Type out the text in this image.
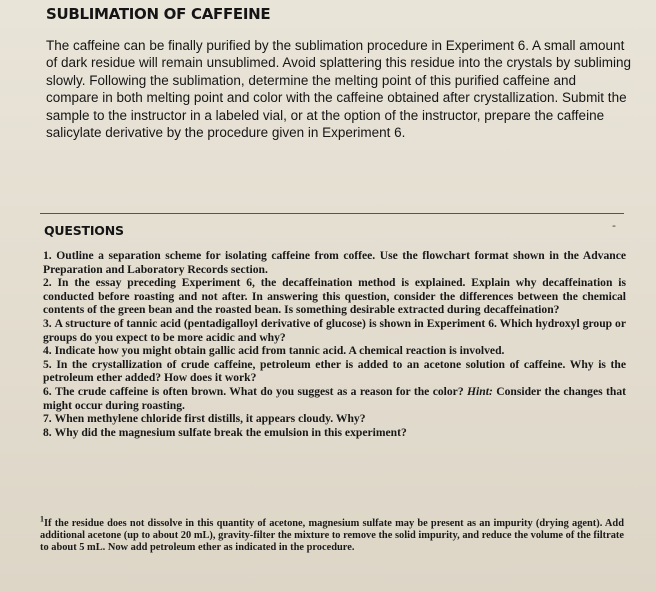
SUBLIMATION OF CAFFEINE

The caffeine can be finally purified by the sublimation procedure in Experiment 6. A small amount of dark residue will remain unsublimed. Avoid splattering this residue into the crystals by subliming slowly. Following the sublimation, determine the melting point of this purified caffeine and compare in both melting point and color with the caffeine obtained after crystallization. Submit the sample to the instructor in a labeled vial, or at the option of the instructor, prepare the caffeine salicylate derivative by the procedure given in Experiment 6.

-
QUESTIONS
1. Outline a separation scheme for isolating caffeine from coffee. Use the flowchart format shown in the Advance Preparation and Laboratory Records section.
2. In the essay preceding Experiment 6, the decaffeination method is explained. Explain why decaffeination is conducted before roasting and not after. In answering this question, consider the differences between the chemical contents of the green bean and the roasted bean. Is something desirable extracted during decaffeination?
3. A structure of tannic acid (pentadigalloyl derivative of glucose) is shown in Experiment 6. Which hydroxyl group or groups do you expect to be more acidic and why?
4. Indicate how you might obtain gallic acid from tannic acid. A chemical reaction is involved.
5. In the crystallization of crude caffeine, petroleum ether is added to an acetone solution of caffeine. Why is the petroleum ether added? How does it work?
6. The crude caffeine is often brown. What do you suggest as a reason for the color? Hint: Consider the changes that might occur during roasting.
7. When methylene chloride first distills, it appears cloudy. Why?
8. Why did the magnesium sulfate break the emulsion in this experiment?

$^1$If the residue does not dissolve in this quantity of acetone, magnesium sulfate may be present as an impurity (drying agent). Add additional acetone (up to about 20 mL), gravity-filter the mixture to remove the solid impurity, and reduce the volume of the filtrate to about 5 mL. Now add petroleum ether as indicated in the procedure.
